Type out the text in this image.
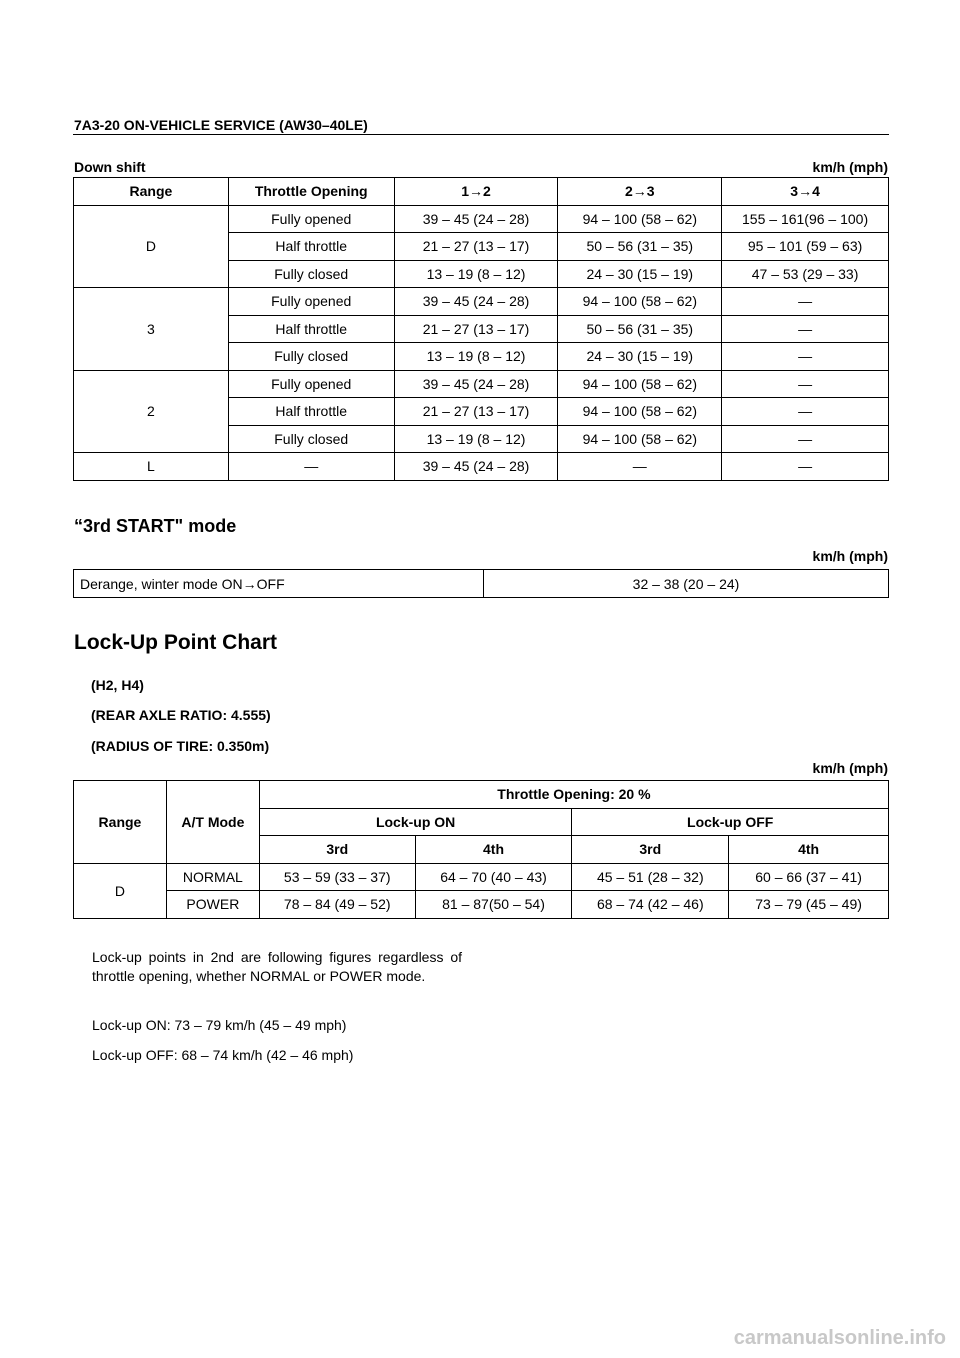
7A3-20 ON-VEHICLE SERVICE (AW30–40LE)
Down shift	km/h (mph)
Range	Throttle Opening	1→2	2→3	3→4
D	Fully opened	39 – 45 (24 – 28)	94 – 100 (58 – 62)	155 – 161(96 – 100)
	Half throttle	21 – 27 (13 – 17)	50 – 56 (31 – 35)	95 – 101 (59 – 63)
	Fully closed	13 – 19 (8 – 12)	24 – 30 (15 – 19)	47 – 53 (29 – 33)
3	Fully opened	39 – 45 (24 – 28)	94 – 100 (58 – 62)	—
	Half throttle	21 – 27 (13 – 17)	50 – 56 (31 – 35)	—
	Fully closed	13 – 19 (8 – 12)	24 – 30 (15 – 19)	—
2	Fully opened	39 – 45 (24 – 28)	94 – 100 (58 – 62)	—
	Half throttle	21 – 27 (13 – 17)	94 – 100 (58 – 62)	—
	Fully closed	13 – 19 (8 – 12)	94 – 100 (58 – 62)	—
L	—	39 – 45 (24 – 28)	—	—
“3rd START" mode
km/h (mph)
Derange, winter mode ON→OFF	32 – 38 (20 – 24)
Lock-Up Point Chart
(H2, H4)
(REAR AXLE RATIO: 4.555)
(RADIUS OF TIRE: 0.350m)
km/h (mph)
Range	A/T Mode	Throttle Opening: 20 %			
		Lock-up ON		Lock-up OFF	
		3rd	4th	3rd	4th
D	NORMAL	53 – 59 (33 – 37)	64 – 70 (40 – 43)	45 – 51 (28 – 32)	60 – 66 (37 – 41)
	POWER	78 – 84 (49 – 52)	81 – 87(50 – 54)	68 – 74 (42 – 46)	73 – 79 (45 – 49)
Lock-up points in 2nd are following figures regardless of throttle opening, whether NORMAL or POWER mode.
Lock-up ON: 73 – 79 km/h (45 – 49 mph)
Lock-up OFF: 68 – 74 km/h (42 – 46 mph)
carmanualsonline.info
